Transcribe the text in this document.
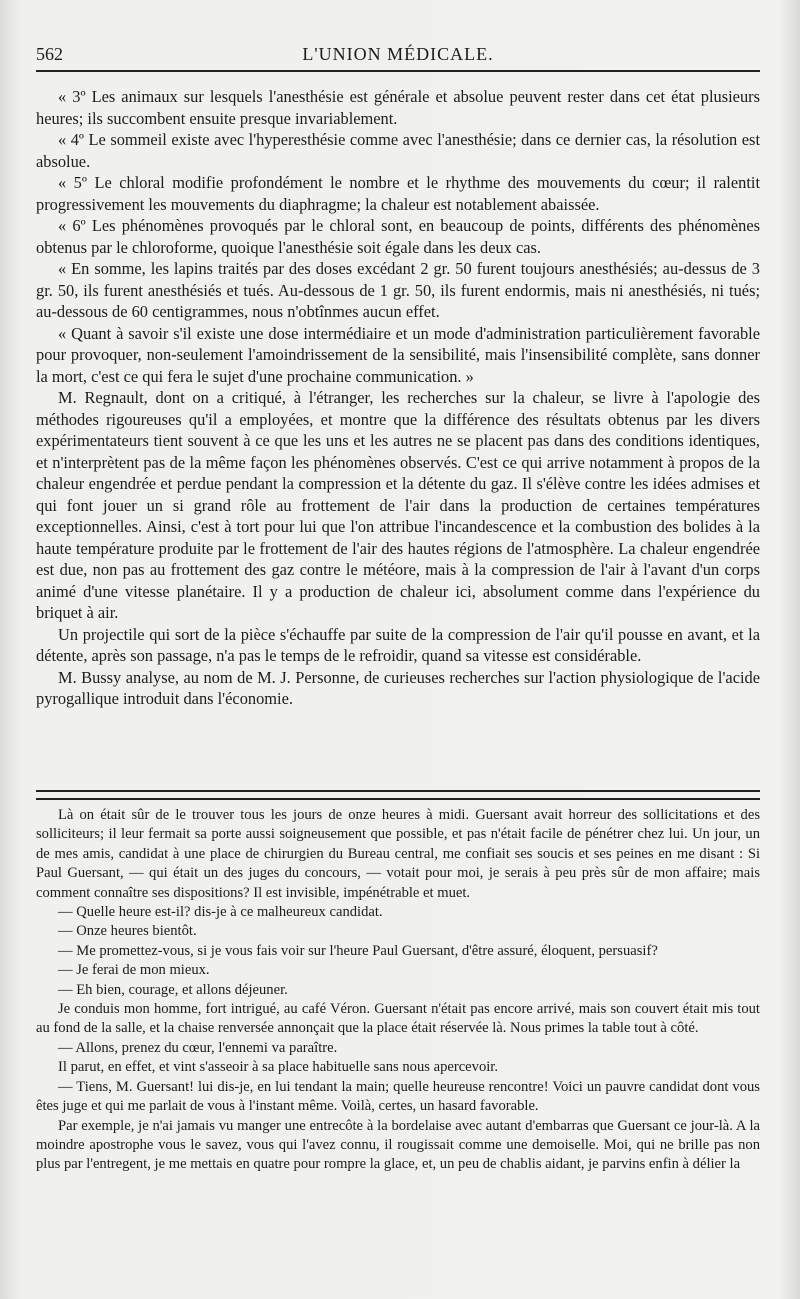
562	L'UNION MÉDICALE.

« 3º Les animaux sur lesquels l'anesthésie est générale et absolue peuvent rester dans cet état plusieurs heures; ils succombent ensuite presque invariablement.

« 4º Le sommeil existe avec l'hyperesthésie comme avec l'anesthésie; dans ce dernier cas, la résolution est absolue.

« 5º Le chloral modifie profondément le nombre et le rhythme des mouvements du cœur; il ralentit progressivement les mouvements du diaphragme; la chaleur est notablement abaissée.

« 6º Les phénomènes provoqués par le chloral sont, en beaucoup de points, différents des phénomènes obtenus par le chloroforme, quoique l'anesthésie soit égale dans les deux cas.

« En somme, les lapins traités par des doses excédant 2 gr. 50 furent toujours anesthésiés; au-dessus de 3 gr. 50, ils furent anesthésiés et tués. Au-dessous de 1 gr. 50, ils furent endormis, mais ni anesthésiés, ni tués; au-dessous de 60 centigrammes, nous n'obtînmes aucun effet.

« Quant à savoir s'il existe une dose intermédiaire et un mode d'administration particulièrement favorable pour provoquer, non-seulement l'amoindrissement de la sensibilité, mais l'insensibilité complète, sans donner la mort, c'est ce qui fera le sujet d'une prochaine communication. »

M. Regnault, dont on a critiqué, à l'étranger, les recherches sur la chaleur, se livre à l'apologie des méthodes rigoureuses qu'il a employées, et montre que la différence des résultats obtenus par les divers expérimentateurs tient souvent à ce que les uns et les autres ne se placent pas dans des conditions identiques, et n'interprètent pas de la même façon les phénomènes observés. C'est ce qui arrive notamment à propos de la chaleur engendrée et perdue pendant la compression et la détente du gaz. Il s'élève contre les idées admises et qui font jouer un si grand rôle au frottement de l'air dans la production de certaines températures exceptionnelles. Ainsi, c'est à tort pour lui que l'on attribue l'incandescence et la combustion des bolides à la haute température produite par le frottement de l'air des hautes régions de l'atmosphère. La chaleur engendrée est due, non pas au frottement des gaz contre le météore, mais à la compression de l'air à l'avant d'un corps animé d'une vitesse planétaire. Il y a production de chaleur ici, absolument comme dans l'expérience du briquet à air.

Un projectile qui sort de la pièce s'échauffe par suite de la compression de l'air qu'il pousse en avant, et la détente, après son passage, n'a pas le temps de le refroidir, quand sa vitesse est considérable.

M. Bussy analyse, au nom de M. J. Personne, de curieuses recherches sur l'action physiologique de l'acide pyrogallique introduit dans l'économie.

Là on était sûr de le trouver tous les jours de onze heures à midi. Guersant avait horreur des sollicitations et des solliciteurs; il leur fermait sa porte aussi soigneusement que possible, et pas n'était facile de pénétrer chez lui. Un jour, un de mes amis, candidat à une place de chirurgien du Bureau central, me confiait ses soucis et ses peines en me disant : Si Paul Guersant, — qui était un des juges du concours, — votait pour moi, je serais à peu près sûr de mon affaire; mais comment connaître ses dispositions? Il est invisible, impénétrable et muet.

— Quelle heure est-il? dis-je à ce malheureux candidat.

— Onze heures bientôt.

— Me promettez-vous, si je vous fais voir sur l'heure Paul Guersant, d'être assuré, éloquent, persuasif?

— Je ferai de mon mieux.

— Eh bien, courage, et allons déjeuner.

Je conduis mon homme, fort intrigué, au café Véron. Guersant n'était pas encore arrivé, mais son couvert était mis tout au fond de la salle, et la chaise renversée annonçait que la place était réservée là. Nous primes la table tout à côté.

— Allons, prenez du cœur, l'ennemi va paraître.

Il parut, en effet, et vint s'asseoir à sa place habituelle sans nous apercevoir.

— Tiens, M. Guersant! lui dis-je, en lui tendant la main; quelle heureuse rencontre! Voici un pauvre candidat dont vous êtes juge et qui me parlait de vous à l'instant même. Voilà, certes, un hasard favorable.

Par exemple, je n'ai jamais vu manger une entrecôte à la bordelaise avec autant d'embarras que Guersant ce jour-là. A la moindre apostrophe vous le savez, vous qui l'avez connu, il rougissait comme une demoiselle. Moi, qui ne brille pas non plus par l'entregent, je me mettais en quatre pour rompre la glace, et, un peu de chablis aidant, je parvins enfin à délier la
